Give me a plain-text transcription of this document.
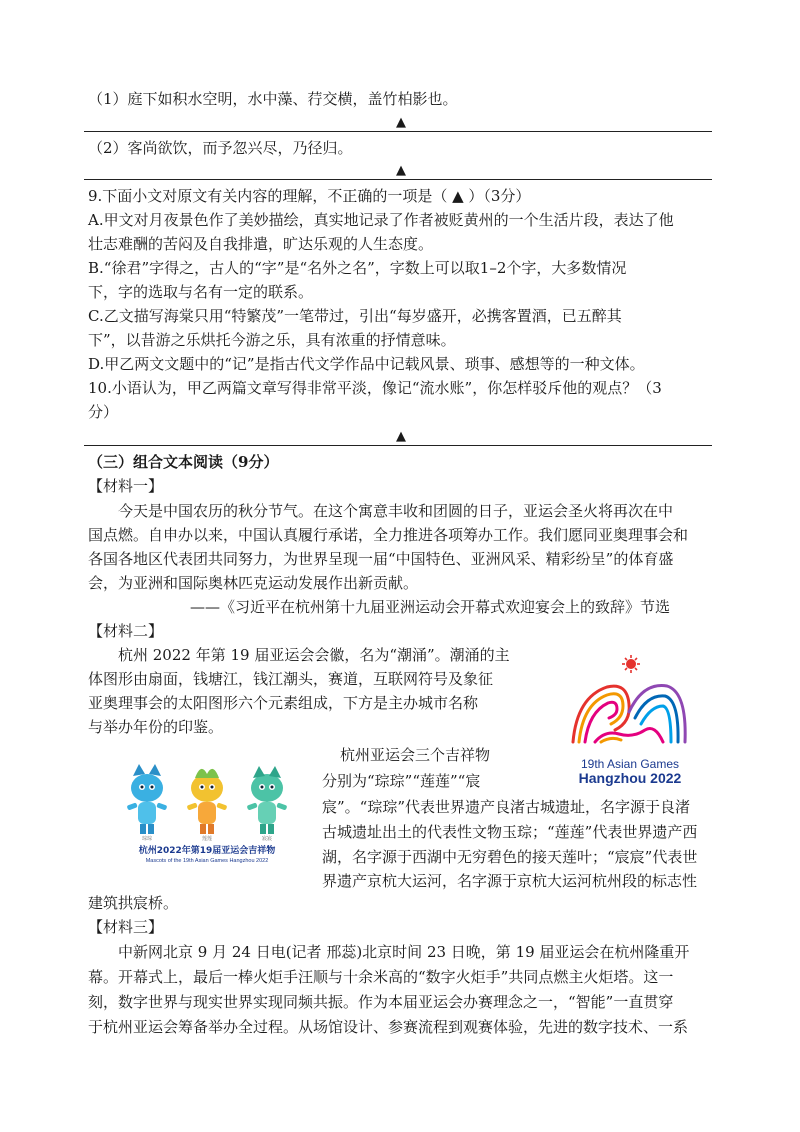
（1）庭下如积水空明，水中藻、荇交横，盖竹柏影也。
▲
（2）客尚欲饮，而予忽兴尽，乃径归。
▲
9.下面小文对原文有关内容的理解，不正确的一项是（ ▲ ）（3分）
A.甲文对月夜景色作了美妙描绘，真实地记录了作者被贬黄州的一个生活片段，表达了他
壮志难酬的苦闷及自我排遣，旷达乐观的人生态度。
B.“徐君”字得之，古人的“字”是“名外之名”，字数上可以取1–2个字，大多数情况
下，字的选取与名有一定的联系。
C.乙文描写海棠只用“特繁茂”一笔带过，引出“每岁盛开，必携客置酒，已五醉其
下”，以昔游之乐烘托今游之乐，具有浓重的抒情意味。
D.甲乙两文文题中的“记”是指古代文学作品中记载风景、琐事、感想等的一种文体。
10.小语认为，甲乙两篇文章写得非常平淡，像记“流水账”，你怎样驳斥他的观点？（3
分）
▲
（三）组合文本阅读（9分）
【材料一】
今天是中国农历的秋分节气。在这个寓意丰收和团圆的日子，亚运会圣火将再次在中
国点燃。自申办以来，中国认真履行承诺，全力推进各项筹办工作。我们愿同亚奥理事会和
各国各地区代表团共同努力，为世界呈现一届“中国特色、亚洲风采、精彩纷呈”的体育盛
会，为亚洲和国际奥林匹克运动发展作出新贡献。
——《习近平在杭州第十九届亚洲运动会开幕式欢迎宴会上的致辞》节选
【材料二】
杭州 2022 年第 19 届亚运会会徽，名为“潮涌”。潮涌的主
体图形由扇面，钱塘江，钱江潮头，赛道，互联网符号及象征
亚奥理事会的太阳图形六个元素组成，下方是主办城市名称
与举办年份的印鉴。
杭州亚运会三个吉祥物
分别为“琮琮”“莲莲”“宸
宸”。“琮琮”代表世界遗产良渚古城遗址，名字源于良渚
古城遗址出土的代表性文物玉琮；“莲莲”代表世界遗产西
湖，名字源于西湖中无穷碧色的接天莲叶；“宸宸”代表世
界遗产京杭大运河，名字源于京杭大运河杭州段的标志性
建筑拱宸桥。
【材料三】
中新网北京 9 月 24 日电(记者 邢蕊)北京时间 23 日晚，第 19 届亚运会在杭州隆重开
幕。开幕式上，最后一棒火炬手汪顺与十余米高的“数字火炬手”共同点燃主火炬塔。这一
刻，数字世界与现实世界实现同频共振。作为本届亚运会办赛理念之一，“智能”一直贯穿
于杭州亚运会筹备举办全过程。从场馆设计、参赛流程到观赛体验，先进的数字技术、一系
19th Asian Games
Hangzhou 2022
琮琮	莲莲	宸宸
杭州2022年第19届亚运会吉祥物
Mascots of the 19th Asian Games Hangzhou 2022
